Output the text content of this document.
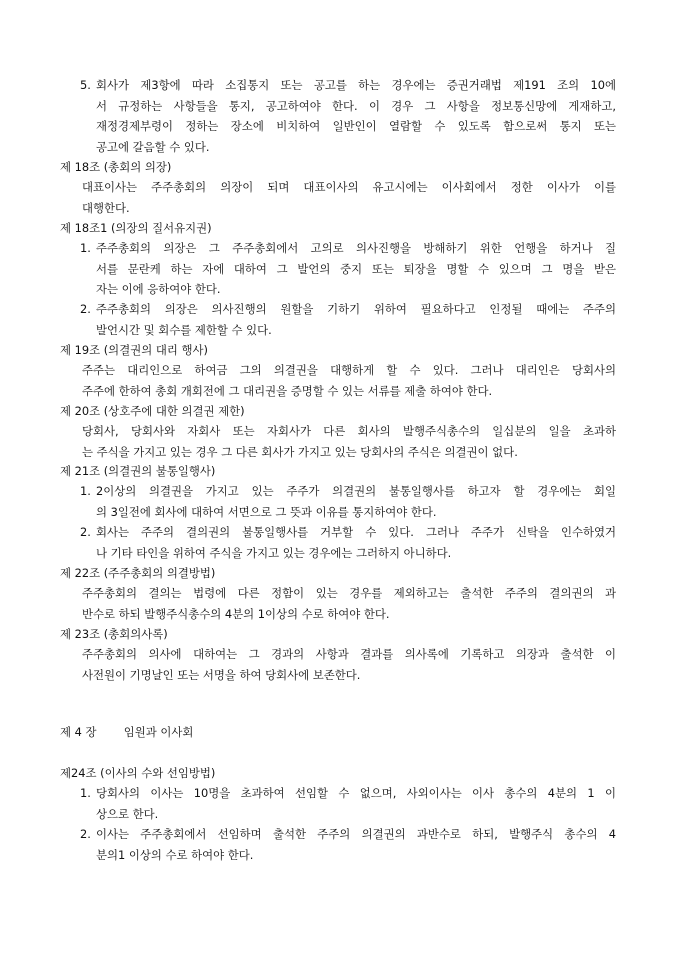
5. 회사가 제3항에 따라 소집통지 또는 공고를 하는 경우에는 증권거래법 제191 조의 10에
서 규정하는 사항들을 통지, 공고하여야 한다. 이 경우 그 사항을 정보통신망에 게재하고,
재정경제부령이 정하는 장소에 비치하여 일반인이 열람할 수 있도록 함으로써 통지 또는
공고에 갈음할 수 있다.
제 18조 (총회의 의장)
대표이사는 주주총회의 의장이 되며 대표이사의 유고시에는 이사회에서 정한 이사가 이를
대행한다.
제 18조1 (의장의 질서유지권)
1. 주주총회의 의장은 그 주주총회에서 고의로 의사진행을 방해하기 위한 언행을 하거나 질
서를 문란케 하는 자에 대하여 그 발언의 중지 또는 퇴장을 명할 수 있으며 그 명을 받은
자는 이에 응하여야 한다.
2. 주주총회의 의장은 의사진행의 원할을 기하기 위하여 필요하다고 인정될 때에는 주주의
발언시간 및 회수를 제한할 수 있다.
제 19조 (의결권의 대리 행사)
주주는 대리인으로 하여금 그의 의결권을 대행하게 할 수 있다. 그러나 대리인은 당회사의
주주에 한하여 총회 개회전에 그 대리권을 증명할 수 있는 서류를 제출 하여야 한다.
제 20조 (상호주에 대한 의결권 제한)
당회사, 당회사와 자회사 또는 자회사가 다른 회사의 발행주식총수의 일십분의 일을 초과하
는 주식을 가지고 있는 경우 그 다른 회사가 가지고 있는 당회사의 주식은 의결권이 없다.
제 21조 (의결권의 불통일행사)
1. 2이상의 의결권을 가지고 있는 주주가 의결권의 불통일행사를 하고자 할 경우에는 회일
의 3일전에 회사에 대하여 서면으로 그 뜻과 이유를 통지하여야 한다.
2. 회사는 주주의 결의권의 불통일행사를 거부할 수 있다. 그러나 주주가 신탁을 인수하였거
나 기타 타인을 위하여 주식을 가지고 있는 경우에는 그러하지 아니하다.
제 22조 (주주총회의 의결방법)
주주총회의 결의는 법령에 다른 정함이 있는 경우를 제외하고는 출석한 주주의 결의권의 과
반수로 하되 발행주식총수의 4분의 1이상의 수로 하여야 한다.
제 23조 (총회의사록)
주주총회의 의사에 대하여는 그 경과의 사항과 결과를 의사록에 기록하고 의장과 출석한 이
사전원이 기명날인 또는 서명을 하여 당회사에 보존한다.
제 4 장 임원과 이사회
제24조 (이사의 수와 선임방법)
1. 당회사의 이사는 10명을 초과하여 선임할 수 없으며, 사외이사는 이사 총수의 4분의 1 이
상으로 한다.
2. 이사는 주주총회에서 선임하며 출석한 주주의 의결권의 과반수로 하되, 발행주식 총수의 4
분의1 이상의 수로 하여야 한다.
